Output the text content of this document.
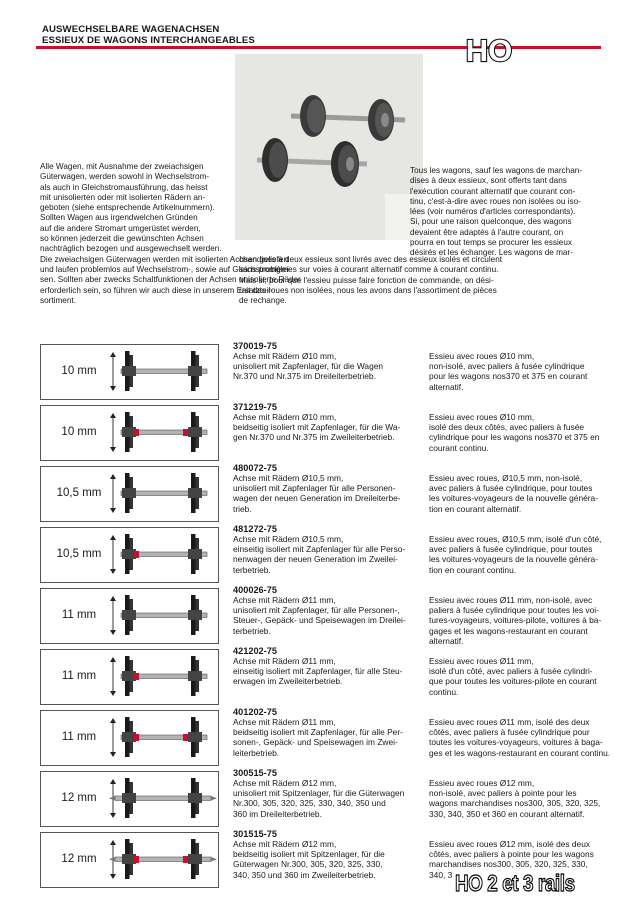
AUSWECHSELBARE WAGENACHSEN
ESSIEUX DE WAGONS INTERCHANGEABLES	HO
Alle Wagen, mit Ausnahme der zweiachsigen
Güterwagen, werden sowohl in Wechselstrom-
als auch in Gleichstromausführung, das heisst
mit unisolierten oder mit isolierten Rädern an-
geboten (siehe entsprechende Artikelnummern).
Sollten Wagen aus irgendwelchen Gründen
auf die andere Stromart umgerüstet werden,
so können jederzeit die gewünschten Achsen
nachträglich bezogen und ausgewechselt werden.
Die zweiachsigen Güterwagen werden mit isolierten Achsen geliefert
und laufen problemlos auf Wechselstrom-, sowie auf Gleichstromglei-
sen. Sollten aber zwecks Schaltfunktionen der Achsen unisolierte Räder
erforderlich sein, so führen wir auch diese in unserem Ersatzteil-
sortiment.
Tous les wagons, sauf les wagons de marchan-
dises à deux essieux, sont offerts tant dans
l'exécution courant alternatif que courant con-
tinu, c'est-à-dire avec roues non isolées ou iso-
lées (voir numéros d'articles correspondants).
Si, pour une raison quelconque, des wagons
devaient être adaptés à l'autre courant, on
pourra en tout temps se procurer les essieux
désirés et les échanger. Les wagons de mar-
chandises à deux essieux sont livrés avec des essieux isolés et circulent
sans problèmes sur voies à courant alternatif comme à courant continu.
Mais si, pour que l'essieu puisse faire fonction de commande, on dési-
rait des roues non isolées, nous les avons dans l'assortiment de pièces
de rechange.
10 mm
370019-75
Achse mit Rädern Ø10 mm,
unisoliert mit Zapfenlager, für die Wagen
Nr.370 und Nr.375 im Dreileiterbetrieb.
Essieu avec roues Ø10 mm,
non-isolé, avec paliers à fusée cylindrique
pour les wagons nos370 et 375 en courant
alternatif.
10 mm
371219-75
Achse mit Rädern Ø10 mm,
beidseitig isoliert mit Zapfenlager, für die Wa-
gen Nr.370 und Nr.375 im Zweileiterbetrieb.
Essieu avec roues Ø10 mm,
isolé des deux côtés, avec paliers à fusée
cylindrique pour les wagons nos370 et 375 en
courant continu.
10,5 mm
480072-75
Achse mit Rädern Ø10,5 mm,
unisoliert mit Zapfenlager für alle Personen-
wagen der neuen Generation im Dreileiterbe-
trieb.
Essieu avec roues, Ø10,5 mm, non-isolé,
avec paliers à fusée cylindrique, pour toutes
les voitures-voyageurs de la nouvelle généra-
tion en courant alternatif.
10,5 mm
481272-75
Achse mit Rädern Ø10,5 mm,
einseitig isoliert mit Zapfenlager für alle Perso-
nenwagen der neuen Generation im Zweilei-
terbetrieb.
Essieu avec roues, Ø10,5 mm, isolé d'un côté,
avec paliers à fusée cylindrique, pour toutes
les voitures-voyageurs de la nouvelle généra-
tion en courant continu.
11 mm
400026-75
Achse mit Rädern Ø11 mm,
unisoliert mit Zapfenlager, für alle Personen-,
Steuer-, Gepäck- und Speisewagen im Dreilei-
terbetrieb.
Essieu avec roues Ø11 mm, non-isolé, avec
paliers à fusée cylindrique pour toutes les voi-
tures-voyageurs, voitures-pilote, voitures à ba-
gages et les wagons-restaurant en courant
alternatif.
11 mm
421202-75
Achse mit Rädern Ø11 mm,
einseitig isoliert mit Zapfenlager, für alle Steu-
erwagen im Zweileiterbetrieb.
Essieu avec roues Ø11 mm,
isolé d'un côté, avec paliers à fusée cylindri-
que pour toutes les voitures-pilote en courant
continu.
11 mm
401202-75
Achse mit Rädern Ø11 mm,
beidseitig isoliert mit Zapfenlager, für alle Per-
sonen-, Gepäck- und Speisewagen im Zwei-
leiterbetrieb.
Essieu avec roues Ø11 mm, isolé des deux
côtés, avec paliers à fusée cylindrique pour
toutes les voitures-voyageurs, voitures à baga-
ges et les wagons-restaurant en courant continu.
12 mm
300515-75
Achse mit Rädern Ø12 mm,
unisoliert mit Spitzenlager, für die Güterwagen
Nr.300, 305, 320, 325, 330, 340, 350 und
360 im Dreileiterbetrieb.
Essieu avec roues Ø12 mm,
non-isolé, avec paliers à pointe pour les
wagons marchandises nos300, 305, 320, 325,
330, 340, 350 et 360 en courant alternatif.
12 mm
301515-75
Achse mit Rädern Ø12 mm,
beidseitig isoliert mit Spitzenlager, für die
Güterwagen Nr.300, 305, 320, 325, 330,
340, 350 und 360 im Zweileiterbetrieb.
Essieu avec roues Ø12 mm, isolé des deux
côtés, avec paliers à pointe pour les wagons
marchandises nos300, 305, 320, 325, 330,
340, 3 HO 2 et 3 rails
